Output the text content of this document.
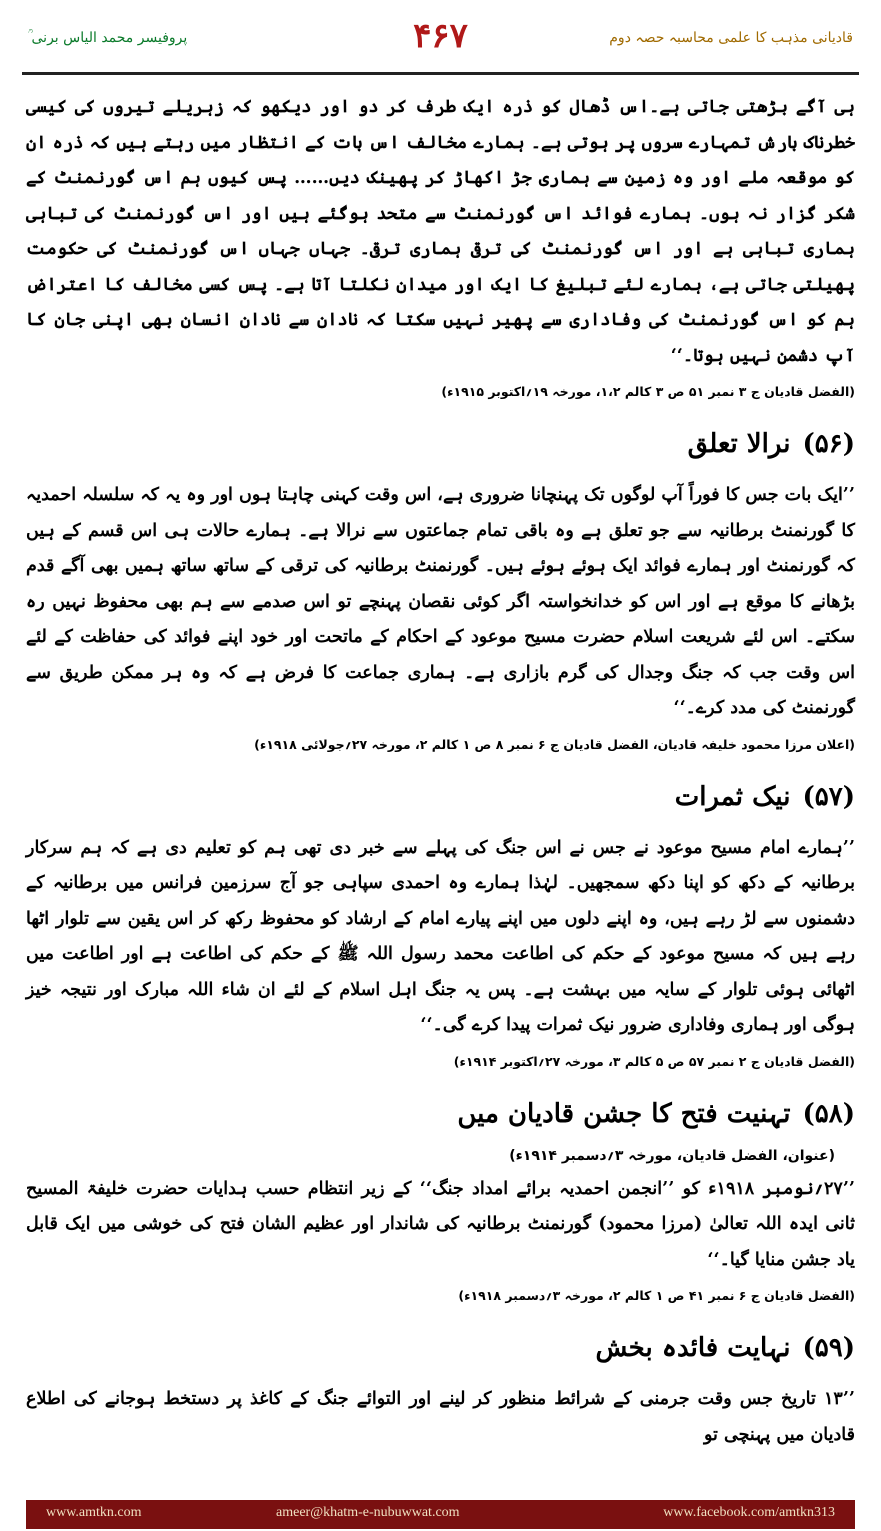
پروفیسر محمد الیاس برنی ؒ	۴۶۷	قادیانی مذہب کا علمی محاسبہ حصہ دوم

ہی آگے بڑھتی جاتی ہے۔اس ڈھال کو ذرہ ایک طرف کر دو اور دیکھو کہ زہریلے تیروں کی کیسی خطرناک بارش تمہارے سروں پر ہوتی ہے۔ ہمارے مخالف اس بات کے انتظار میں رہتے ہیں کہ ذرہ ان کو موقعہ ملے اور وہ زمین سے ہماری جڑ اکھاڑ کر پھینک دیں…… پس کیوں ہم اس گورنمنٹ کے شکر گزار نہ ہوں۔ ہمارے فوائد اس گورنمنٹ سے متحد ہوگئے ہیں اور اس گورنمنٹ کی تباہی ہماری تباہی ہے اور اس گورنمنٹ کی ترقی ہماری ترقی۔ جہاں جہاں اس گورنمنٹ کی حکومت پھیلتی جاتی ہے، ہمارے لئے تبلیغ کا ایک اور میدان نکلتا آتا ہے۔ پس کسی مخالف کا اعتراض ہم کو اس گورنمنٹ کی وفاداری سے پھیر نہیں سکتا کہ نادان سے نادان انسان بھی اپنی جان کا آپ دشمن نہیں ہوتا۔‘‘

(الفضل قادیان ج ۳ نمبر ۵۱ ص ۳ کالم ۱،۲، مورخہ ۱۹؍اکتوبر ۱۹۱۵ء)
(۵۶)نرالا تعلق

’’ایک بات جس کا فوراً آپ لوگوں تک پہنچانا ضروری ہے، اس وقت کہنی چاہتا ہوں اور وہ یہ کہ سلسلہ احمدیہ کا گورنمنٹ برطانیہ سے جو تعلق ہے وہ باقی تمام جماعتوں سے نرالا ہے۔ ہمارے حالات ہی اس قسم کے ہیں کہ گورنمنٹ اور ہمارے فوائد ایک ہوئے ہوئے ہیں۔ گورنمنٹ برطانیہ کی ترقی کے ساتھ ساتھ ہمیں بھی آگے قدم بڑھانے کا موقع ہے اور اس کو خدانخواستہ اگر کوئی نقصان پہنچے تو اس صدمے سے ہم بھی محفوظ نہیں رہ سکتے۔ اس لئے شریعت اسلام حضرت مسیح موعود کے احکام کے ماتحت اور خود اپنے فوائد کی حفاظت کے لئے اس وقت جب کہ جنگ وجدال کی گرم بازاری ہے۔ ہماری جماعت کا فرض ہے کہ وہ ہر ممکن طریق سے گورنمنٹ کی مدد کرے۔‘‘

(اعلان مرزا محمود خلیفہ قادیان، الفضل قادیان ج ۶ نمبر ۸ ص ۱ کالم ۲، مورخہ ۲۷؍جولائی ۱۹۱۸ء)
(۵۷)نیک ثمرات

’’ہمارے امام مسیح موعود نے جس نے اس جنگ کی پہلے سے خبر دی تھی ہم کو تعلیم دی ہے کہ ہم سرکار برطانیہ کے دکھ کو اپنا دکھ سمجھیں۔ لہٰذا ہمارے وہ احمدی سپاہی جو آج سرزمین فرانس میں برطانیہ کے دشمنوں سے لڑ رہے ہیں، وہ اپنے دلوں میں اپنے پیارے امام کے ارشاد کو محفوظ رکھ کر اس یقین سے تلوار اٹھا رہے ہیں کہ مسیح موعود کے حکم کی اطاعت محمد رسول اللہ ﷺ کے حکم کی اطاعت ہے اور اطاعت میں اٹھائی ہوئی تلوار کے سایہ میں بہشت ہے۔ پس یہ جنگ اہل اسلام کے لئے ان شاء اللہ مبارک اور نتیجہ خیز ہوگی اور ہماری وفاداری ضرور نیک ثمرات پیدا کرے گی۔‘‘

(الفضل قادیان ج ۲ نمبر ۵۷ ص ۵ کالم ۳، مورخہ ۲۷؍اکتوبر ۱۹۱۴ء)
(۵۸)تہنیت فتح کا جشن قادیان میں
(عنوان، الفضل قادیان، مورخہ ۳؍دسمبر ۱۹۱۴ء)

’’۲۷؍نومبر ۱۹۱۸ء کو ’’انجمن احمدیہ برائے امداد جنگ‘‘ کے زیر انتظام حسب ہدایات حضرت خلیفۃ المسیح ثانی ایدہ اللہ تعالیٰ (مرزا محمود) گورنمنٹ برطانیہ کی شاندار اور عظیم الشان فتح کی خوشی میں ایک قابل یاد جشن منایا گیا۔‘‘

(الفضل قادیان ج ۶ نمبر ۴۱ ص ۱ کالم ۲، مورخہ ۳؍دسمبر ۱۹۱۸ء)
(۵۹)نہایت فائدہ بخش

’’۱۳ تاریخ جس وقت جرمنی کے شرائط منظور کر لینے اور التوائے جنگ کے کاغذ پر دستخط ہوجانے کی اطلاع قادیان میں پہنچی تو

www.amtkn.com	ameer@khatm-e-nubuwwat.com	www.facebook.com/amtkn313
